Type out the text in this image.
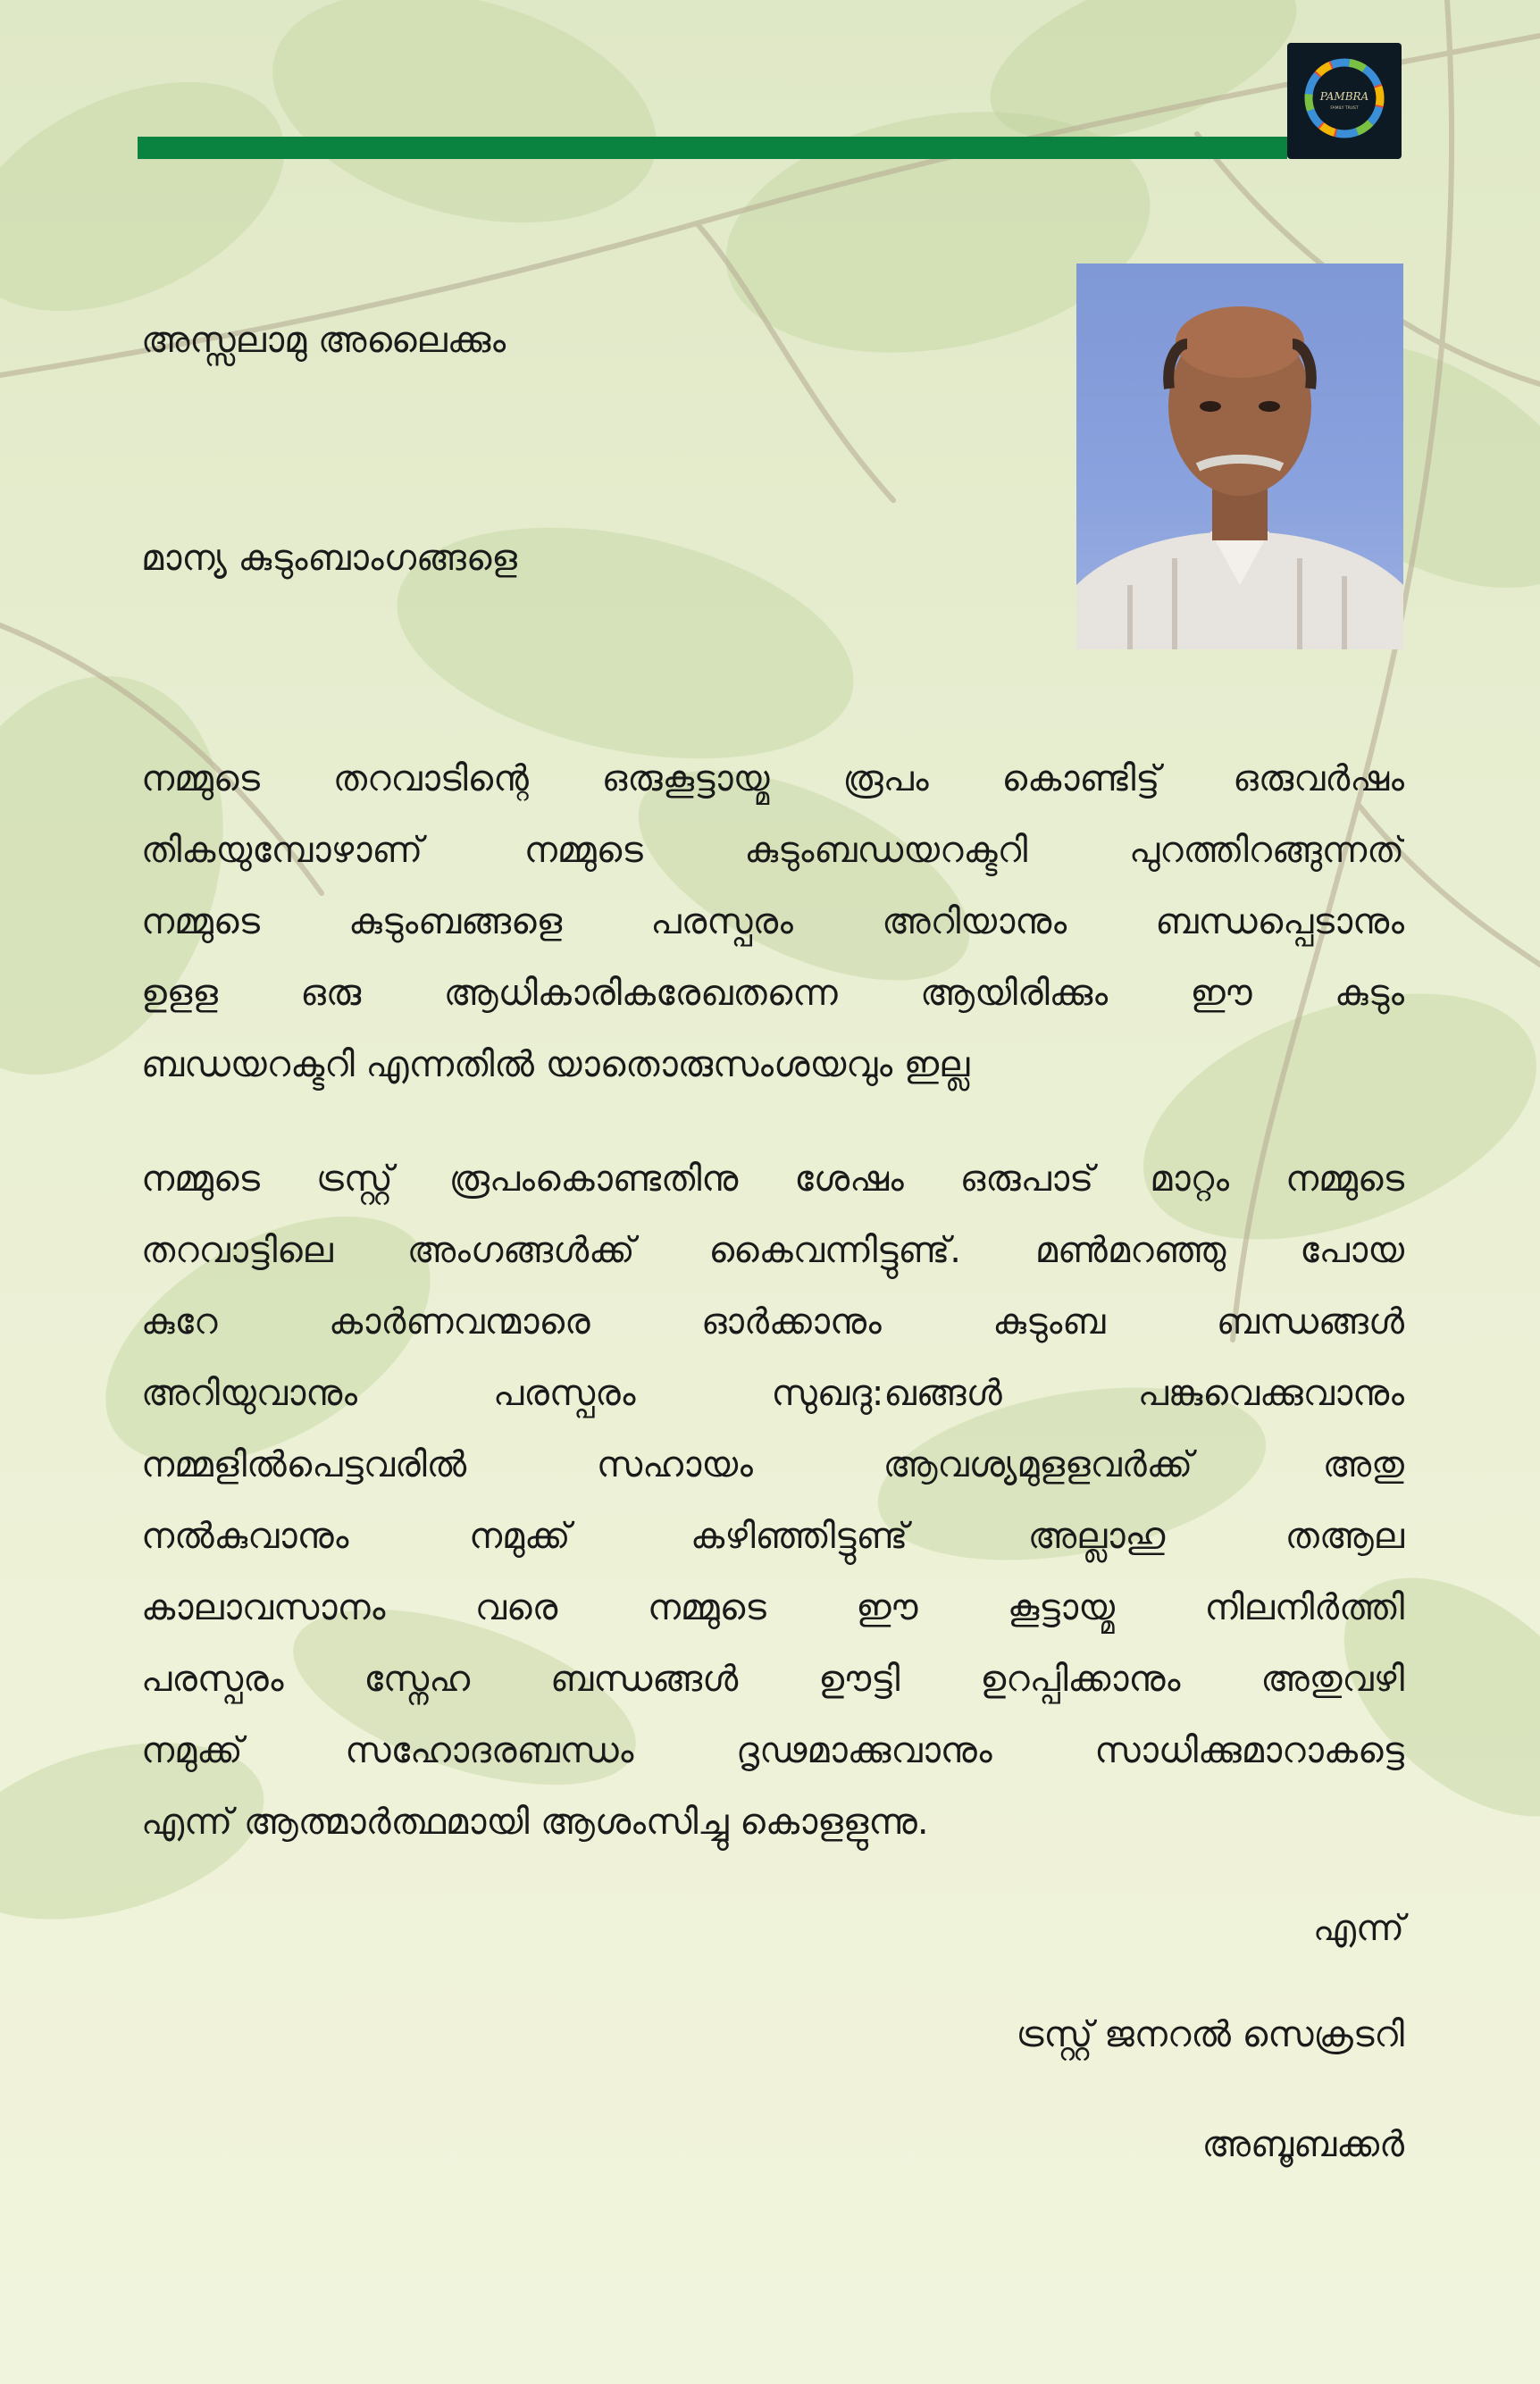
PAMBRA
FAMILY TRUST
അസ്സലാമു അലൈക്കും
മാന്യ കുടുംബാംഗങ്ങളെ
നമ്മുടെ തറവാടിന്റെ ഒരുകൂട്ടായ്മ രൂപം കൊണ്ടിട്ട് ഒരുവർഷം
തികയുമ്പോഴാണ് നമ്മുടെ കുടുംബഡയറക്ടറി പുറത്തിറങ്ങുന്നത്
നമ്മുടെ കുടുംബങ്ങളെ പരസ്പരം അറിയാനും ബന്ധപ്പെടാനും
ഉളള ഒരു ആധികാരികരേഖതന്നെ ആയിരിക്കും ഈ കുടും
ബഡയറക്ടറി എന്നതിൽ യാതൊരുസംശയവും ഇല്ല
നമ്മുടെ ട്രസ്റ്റ് രൂപംകൊണ്ടതിനു ശേഷം ഒരുപാട് മാറ്റം നമ്മുടെ
തറവാട്ടിലെ അംഗങ്ങൾക്ക് കൈവന്നിട്ടുണ്ട്. മൺമറഞ്ഞു പോയ
കുറേ കാർണവന്മാരെ ഓർക്കാനും കുടുംബ ബന്ധങ്ങൾ
അറിയുവാനും പരസ്പരം സുഖദു:ഖങ്ങൾ പങ്കുവെക്കുവാനും
നമ്മളിൽപെട്ടവരിൽ സഹായം ആവശ്യമുളളവർക്ക് അതു
നൽകുവാനും നമുക്ക് കഴിഞ്ഞിട്ടുണ്ട് അല്ലാഹു തആല
കാലാവസാനം വരെ നമ്മുടെ ഈ കൂട്ടായ്മ നിലനിർത്തി
പരസ്പരം സ്നേഹ ബന്ധങ്ങൾ ഊട്ടി ഉറപ്പിക്കാനും അതുവഴി
നമുക്ക് സഹോദരബന്ധം ദൃഢമാക്കുവാനും സാധിക്കുമാറാകട്ടെ
എന്ന് ആത്മാർത്ഥമായി ആശംസിച്ചു കൊളളുന്നു.
എന്ന്
ട്രസ്റ്റ് ജനറൽ സെക്രടറി
അബൂബക്കർ
